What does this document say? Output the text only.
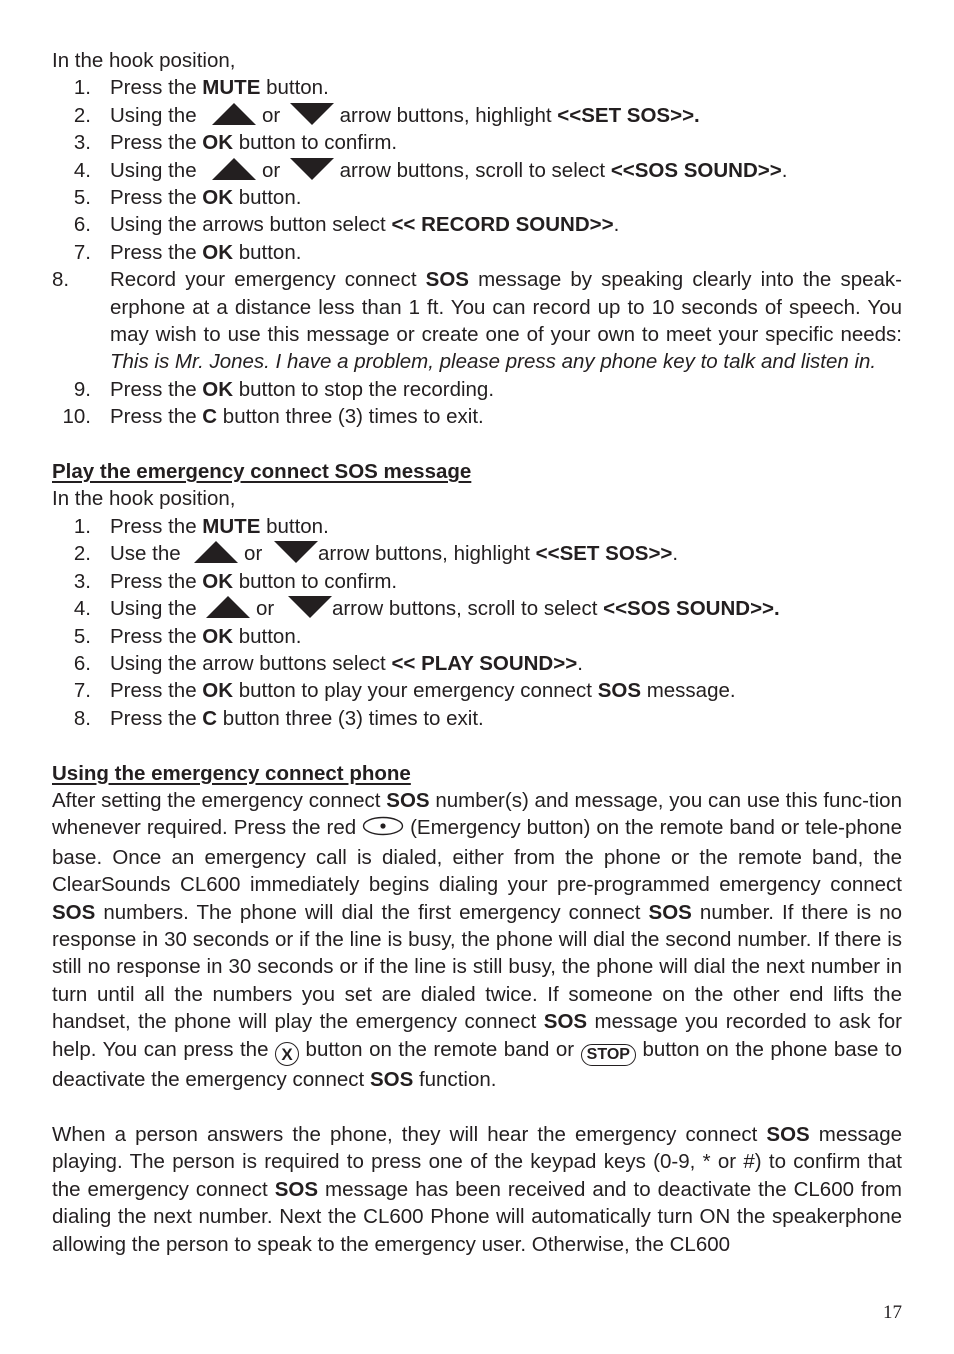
In the hook position,
1. Press the MUTE button.
2. Using the	or
arrow buttons, highlight <<SET SOS>>.
3. Press the OK button to confirm.
4. Using the	or
arrow buttons, scroll to select <<SOS SOUND>>.
5. Press the OK button.
6. Using the arrows button select << RECORD SOUND>>.
7. Press the OK button.
8.	Record your emergency connect SOS message by speaking clearly into the speak-erphone at a distance less than 1 ft. You can record up to 10 seconds of speech. You may wish to use this message or create one of your own to meet your specific needs: This is Mr. Jones. I have a problem, please press any phone key to talk and listen in.
9. Press the OK button to stop the recording.
10. Press the C button three (3) times to exit.
Play the emergency connect SOS message
In the hook position,
1. Press the MUTE button.
2. Use the	or
arrow buttons, highlight <<SET SOS>>.
3. Press the OK button to confirm.
4. Using the
or	arrow buttons, scroll to select <<SOS SOUND>>.
5. Press the OK button.
6. Using the arrow buttons select << PLAY SOUND>>.
7. Press the OK button to play your emergency connect SOS message.
8. Press the C button three (3) times to exit.
Using the emergency connect phone
After setting the emergency connect SOS number(s) and message, you can use this func-tion whenever required. Press the red  (Emergency button) on the remote band or tele-phone base. Once an emergency call is dialed, either from the phone or the remote band, the ClearSounds CL600 immediately begins dialing your pre-programmed emergency connect SOS numbers. The phone will dial the first emergency connect SOS number. If there is no response in 30 seconds or if the line is busy, the phone will dial the second number. If there is still no response in 30 seconds or if the line is still busy, the phone will dial the next number in turn until all the numbers you set are dialed twice. If someone on the other end lifts the handset, the phone will play the emergency connect SOS message you recorded to ask for help. You can press the X button on the remote band or STOP button on the phone base to deactivate the emergency connect SOS function.
When a person answers the phone, they will hear the emergency connect SOS message playing. The person is required to press one of the keypad keys (0-9, * or #) to confirm that the emergency connect SOS message has been received and to deactivate the CL600 from dialing the next number. Next the CL600 Phone will automatically turn ON the speakerphone allowing the person to speak to the emergency user. Otherwise, the CL600
17
